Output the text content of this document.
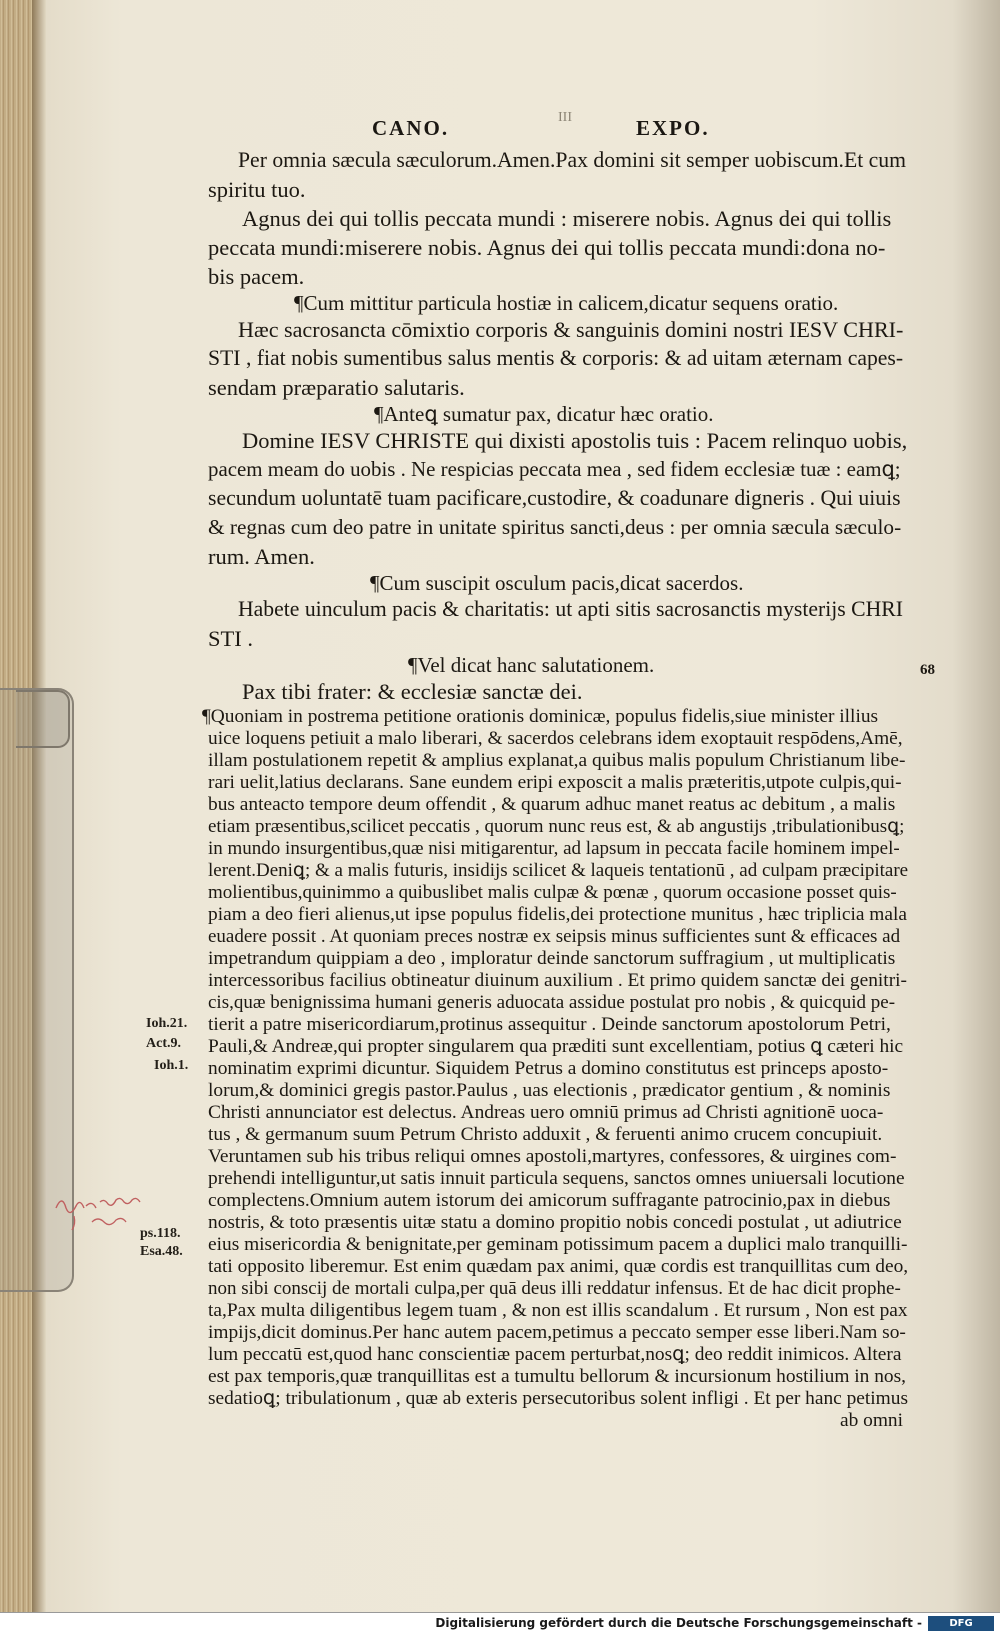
CANO.	EXPO.
III
Per omnia sæcula sæculorum.Amen.Pax domini sit semper uobiscum.Et cum
spiritu tuo.
Agnus dei qui tollis peccata mundi : miserere nobis. Agnus dei qui tollis
peccata mundi:miserere nobis. Agnus dei qui tollis peccata mundi:dona no-
bis pacem.
¶Cum mittitur particula hostiæ in calicem,dicatur sequens oratio.
Hæc sacrosancta cōmixtio corporis & sanguinis domini nostri IESV CHRI-
STI , fiat nobis sumentibus salus mentis & corporis: & ad uitam æternam capes-
sendam præparatio salutaris.
¶Anteꝗ sumatur pax, dicatur hæc oratio.
Domine IESV CHRISTE qui dixisti apostolis tuis : Pacem relinquo uobis,
pacem meam do uobis . Ne respicias peccata mea , sed fidem ecclesiæ tuæ : eamꝗ;
secundum uoluntatē tuam pacificare,custodire, & coadunare digneris . Qui uiuis
& regnas cum deo patre in unitate spiritus sancti,deus : per omnia sæcula sæculo-
rum. Amen.
¶Cum suscipit osculum pacis,dicat sacerdos.
Habete uinculum pacis & charitatis: ut apti sitis sacrosanctis mysterijs CHRI
STI .
¶Vel dicat hanc salutationem.
Pax tibi frater: & ecclesiæ sanctæ dei.
¶Quoniam in postrema petitione orationis dominicæ, populus fidelis,siue minister illius
uice loquens petiuit a malo liberari, & sacerdos celebrans idem exoptauit respōdens,Amē,
illam postulationem repetit & amplius explanat,a quibus malis populum Christianum libe-
rari uelit,latius declarans. Sane eundem eripi exposcit a malis præteritis,utpote culpis,qui-
bus anteacto tempore deum offendit , & quarum adhuc manet reatus ac debitum , a malis
etiam præsentibus,scilicet peccatis , quorum nunc reus est, & ab angustijs ,tribulationibusꝗ;
in mundo insurgentibus,quæ nisi mitigarentur, ad lapsum in peccata facile hominem impel-
lerent.Deniꝗ; & a malis futuris, insidijs scilicet & laqueis tentationū , ad culpam præcipitare
molientibus,quinimmo a quibuslibet malis culpæ & pœnæ , quorum occasione posset quis-
piam a deo fieri alienus,ut ipse populus fidelis,dei protectione munitus , hæc triplicia mala
euadere possit . At quoniam preces nostræ ex seipsis minus sufficientes sunt & efficaces ad
impetrandum quippiam a deo , imploratur deinde sanctorum suffragium , ut multiplicatis
intercessoribus facilius obtineatur diuinum auxilium . Et primo quidem sanctæ dei genitri-
cis,quæ benignissima humani generis aduocata assidue postulat pro nobis , & quicquid pe-
tierit a patre misericordiarum,protinus assequitur . Deinde sanctorum apostolorum Petri,
Pauli,& Andreæ,qui propter singularem qua præditi sunt excellentiam, potius ꝗ cæteri hic
nominatim exprimi dicuntur. Siquidem Petrus a domino constitutus est princeps aposto-
lorum,& dominici gregis pastor.Paulus , uas electionis , prædicator gentium , & nominis
Christi annunciator est delectus. Andreas uero omniū primus ad Christi agnitionē uoca-
tus , & germanum suum Petrum Christo adduxit , & feruenti animo crucem concupiuit.
Veruntamen sub his tribus reliqui omnes apostoli,martyres, confessores, & uirgines com-
prehendi intelliguntur,ut satis innuit particula sequens, sanctos omnes uniuersali locutione
complectens.Omnium autem istorum dei amicorum suffragante patrocinio,pax in diebus
nostris, & toto præsentis uitæ statu a domino propitio nobis concedi postulat , ut adiutrice
eius misericordia & benignitate,per geminam potissimum pacem a duplici malo tranquilli-
tati opposito liberemur. Est enim quædam pax animi, quæ cordis est tranquillitas cum deo,
non sibi conscij de mortali culpa,per quā deus illi reddatur infensus. Et de hac dicit prophe-
ta,Pax multa diligentibus legem tuam , & non est illis scandalum . Et rursum , Non est pax
impijs,dicit dominus.Per hanc autem pacem,petimus a peccato semper esse liberi.Nam so-
lum peccatū est,quod hanc conscientiæ pacem perturbat,nosꝗ; deo reddit inimicos. Altera
est pax temporis,quæ tranquillitas est a tumultu bellorum & incursionum hostilium in nos,
sedatioꝗ; tribulationum , quæ ab exteris persecutoribus solent infligi . Et per hanc petimus
ab omni
68
Ioh.21.
Act.9.
Ioh.1.
ps.118.
Esa.48.
Digitalisierung gefördert durch die Deutsche Forschungsgemeinschaft -	DFG
